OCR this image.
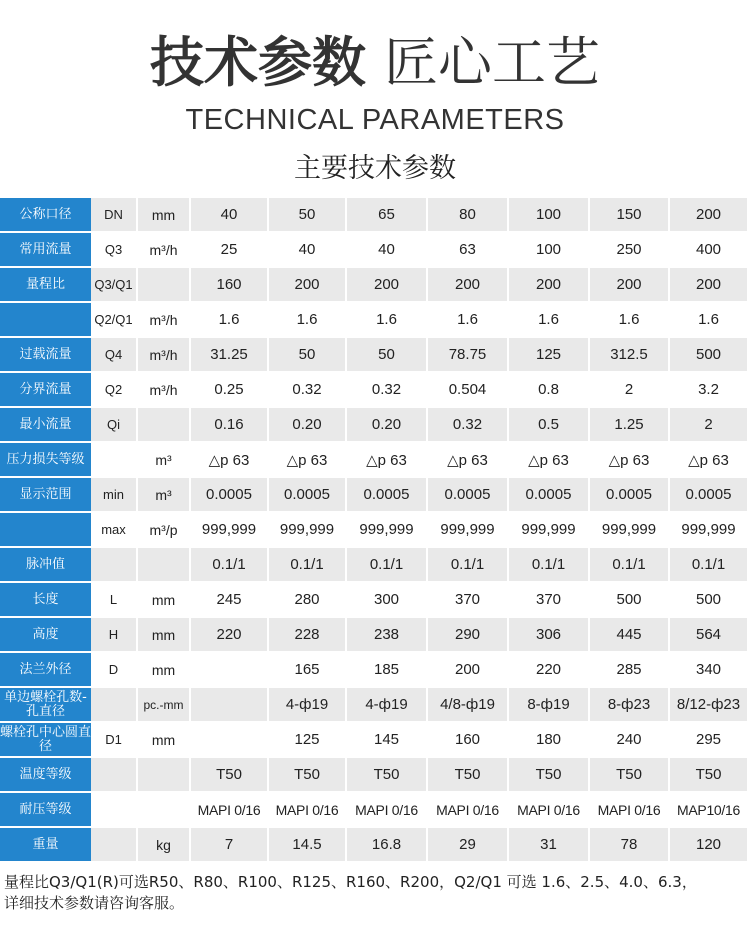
技术参数 匠心工艺
TECHNICAL PARAMETERS
主要技术参数
公称口径	DN	mm	40	50	65	80	100	150	200
常用流量	Q3	m³/h	25	40	40	63	100	250	400
量程比	Q3/Q1		160	200	200	200	200	200	200
	Q2/Q1	m³/h	1.6	1.6	1.6	1.6	1.6	1.6	1.6
过载流量	Q4	m³/h	31.25	50	50	78.75	125	312.5	500
分界流量	Q2	m³/h	0.25	0.32	0.32	0.504	0.8	2	3.2
最小流量	Qi		0.16	0.20	0.20	0.32	0.5	1.25	2
压力损失等级		m³	△p 63	△p 63	△p 63	△p 63	△p 63	△p 63	△p 63
显示范围	min	m³	0.0005	0.0005	0.0005	0.0005	0.0005	0.0005	0.0005
	max	m³/p	999,999	999,999	999,999	999,999	999,999	999,999	999,999
脉冲值			0.1/1	0.1/1	0.1/1	0.1/1	0.1/1	0.1/1	0.1/1
长度	L	mm	245	280	300	370	370	500	500
高度	H	mm	220	228	238	290	306	445	564
法兰外径	D	mm		165	185	200	220	285	340
单边螺栓孔数-孔直径		pc.-mm		4-ф19	4-ф19	4/8-ф19	8-ф19	8-ф23	8/12-ф23
螺栓孔中心圆直径	D1	mm		125	145	160	180	240	295
温度等级			T50	T50	T50	T50	T50	T50	T50
耐压等级			MAPI 0/16	MAPI 0/16	MAPI 0/16	MAPI 0/16	MAPI 0/16	MAPI 0/16	MAP10/16
重量		kg	7	14.5	16.8	29	31	78	120
量程比Q3/Q1(R)可选R50、R80、R100、R125、R160、R200，Q2/Q1 可选 1.6、2.5、4.0、6.3，
详细技术参数请咨询客服。
